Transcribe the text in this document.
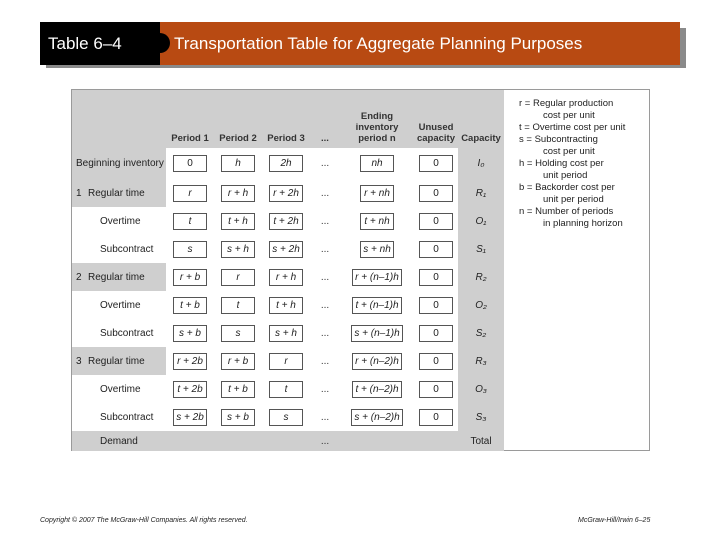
Table 6–4	Transportation Table for Aggregate Planning Purposes
	Period 1	Period 2	Period 3	...	Ending inventory period n	Unused capacity	Capacity
Beginning inventory	0	h	2h	...	nh	0	I₀
1 Regular time	r	r + h	r + 2h	...	r + nh	0	R₁
Overtime	t	t + h	t + 2h	...	t + nh	0	O₁
Subcontract	s	s + h	s + 2h	...	s + nh	0	S₁
2 Regular time	r + b	r	r + h	...	r + (n–1)h	0	R₂
Overtime	t + b	t	t + h	...	t + (n–1)h	0	O₂
Subcontract	s + b	s	s + h	...	s + (n–1)h	0	S₂
3 Regular time	r + 2b	r + b	r	...	r + (n–2)h	0	R₃
Overtime	t + 2b	t + b	t	...	t + (n–2)h	0	O₃
Subcontract	s + 2b	s + b	s	...	s + (n–2)h	0	S₃
Demand				...			Total
r = Regular production
cost per unit
t = Overtime cost per unit
s = Subcontracting
cost per unit
h = Holding cost per
unit period
b = Backorder cost per
unit per period
n = Number of periods
in planning horizon
Copyright © 2007 The McGraw-Hill Companies. All rights reserved.	McGraw-Hill/Irwin 6–25
